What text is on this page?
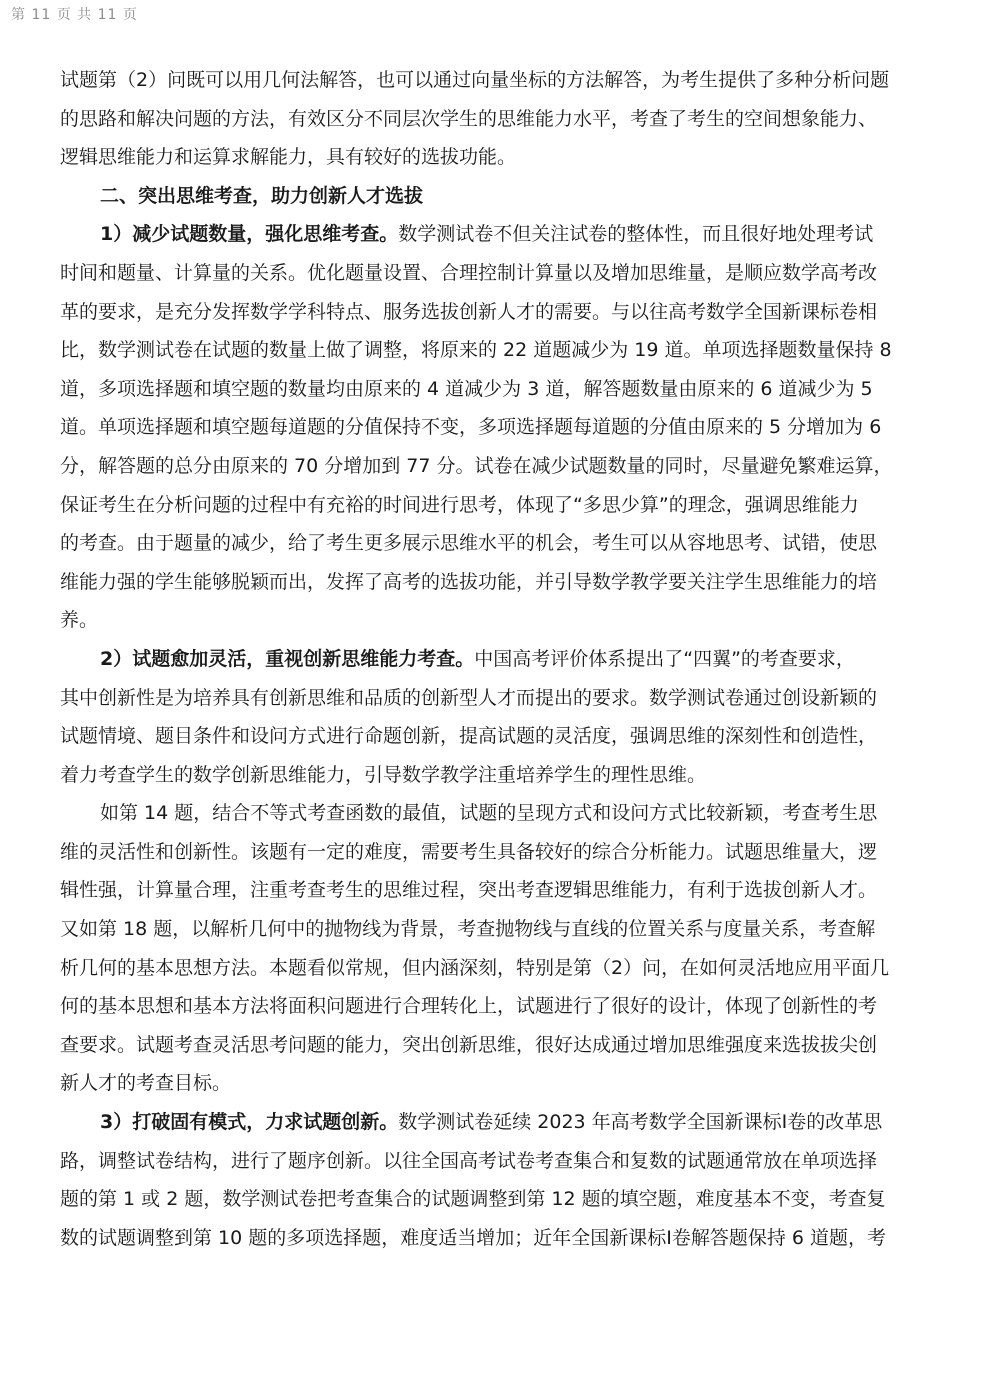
第 11 页 共 11 页
试题第（2）问既可以用几何法解答，也可以通过向量坐标的方法解答，为考生提供了多种分析问题
的思路和解决问题的方法，有效区分不同层次学生的思维能力水平，考查了考生的空间想象能力、
逻辑思维能力和运算求解能力，具有较好的选拔功能。
二、突出思维考查，助力创新人才选拔
1）减少试题数量，强化思维考查。数学测试卷不但关注试卷的整体性，而且很好地处理考试
时间和题量、计算量的关系。优化题量设置、合理控制计算量以及增加思维量，是顺应数学高考改
革的要求，是充分发挥数学学科特点、服务选拔创新人才的需要。与以往高考数学全国新课标卷相
比，数学测试卷在试题的数量上做了调整，将原来的 22 道题减少为 19 道。单项选择题数量保持 8
道，多项选择题和填空题的数量均由原来的 4 道减少为 3 道，解答题数量由原来的 6 道减少为 5
道。单项选择题和填空题每道题的分值保持不变，多项选择题每道题的分值由原来的 5 分增加为 6
分，解答题的总分由原来的 70 分增加到 77 分。试卷在减少试题数量的同时，尽量避免繁难运算，
保证考生在分析问题的过程中有充裕的时间进行思考，体现了“多思少算”的理念，强调思维能力
的考查。由于题量的减少，给了考生更多展示思维水平的机会，考生可以从容地思考、试错，使思
维能力强的学生能够脱颖而出，发挥了高考的选拔功能，并引导数学教学要关注学生思维能力的培
养。
2）试题愈加灵活，重视创新思维能力考查。中国高考评价体系提出了“四翼”的考查要求，
其中创新性是为培养具有创新思维和品质的创新型人才而提出的要求。数学测试卷通过创设新颖的
试题情境、题目条件和设问方式进行命题创新，提高试题的灵活度，强调思维的深刻性和创造性，
着力考查学生的数学创新思维能力，引导数学教学注重培养学生的理性思维。
如第 14 题，结合不等式考查函数的最值，试题的呈现方式和设问方式比较新颖，考查考生思
维的灵活性和创新性。该题有一定的难度，需要考生具备较好的综合分析能力。试题思维量大，逻
辑性强，计算量合理，注重考查考生的思维过程，突出考查逻辑思维能力，有利于选拔创新人才。
又如第 18 题，以解析几何中的抛物线为背景，考查抛物线与直线的位置关系与度量关系，考查解
析几何的基本思想方法。本题看似常规，但内涵深刻，特别是第（2）问，在如何灵活地应用平面几
何的基本思想和基本方法将面积问题进行合理转化上，试题进行了很好的设计，体现了创新性的考
查要求。试题考查灵活思考问题的能力，突出创新思维，很好达成通过增加思维强度来选拔拔尖创
新人才的考查目标。
3）打破固有模式，力求试题创新。数学测试卷延续 2023 年高考数学全国新课标Ⅰ卷的改革思
路，调整试卷结构，进行了题序创新。以往全国高考试卷考查集合和复数的试题通常放在单项选择
题的第 1 或 2 题，数学测试卷把考查集合的试题调整到第 12 题的填空题，难度基本不变，考查复
数的试题调整到第 10 题的多项选择题，难度适当增加；近年全国新课标Ⅰ卷解答题保持 6 道题，考
